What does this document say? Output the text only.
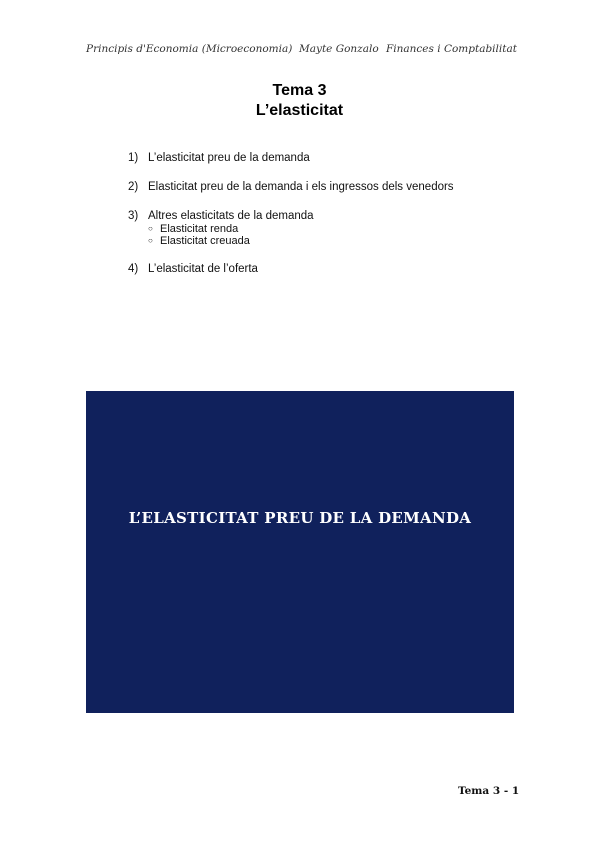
Principis d'Economia (Microeconomia) Mayte Gonzalo Finances i Comptabilitat
Tema 3
L’elasticitat
1) L’elasticitat preu de la demanda
2) Elasticitat preu de la demanda i els ingressos dels venedors
3) Altres elasticitats de la demanda
○ Elasticitat renda
○ Elasticitat creuada
4) L’elasticitat de l’oferta
L’ELASTICITAT PREU DE LA DEMANDA
Tema 3 - 1
